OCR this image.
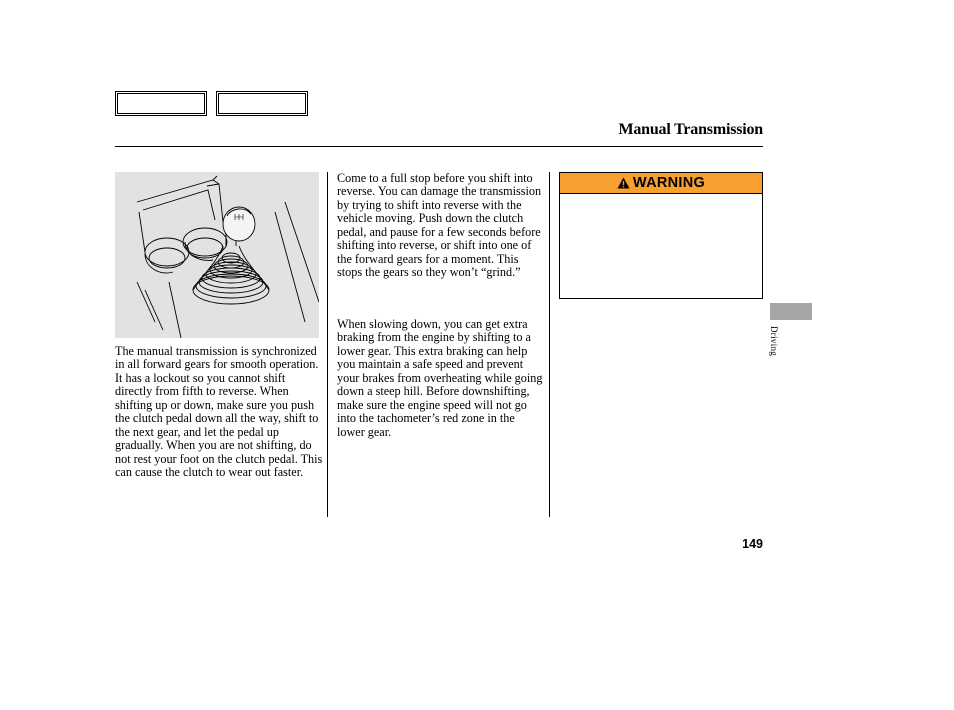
Manual Transmission
The manual transmission is synchronized in all forward gears for smooth operation. It has a lockout so you cannot shift directly from fifth to reverse. When shifting up or down, make sure you push the clutch pedal down all the way, shift to the next gear, and let the pedal up gradually. When you are not shifting, do not rest your foot on the clutch pedal. This can cause the clutch to wear out faster.
Come to a full stop before you shift into reverse. You can damage the transmission by trying to shift into reverse with the vehicle moving. Push down the clutch pedal, and pause for a few seconds before shifting into reverse, or shift into one of the forward gears for a moment. This stops the gears so they won’t “grind.”
When slowing down, you can get extra braking from the engine by shifting to a lower gear. This extra braking can help you maintain a safe speed and prevent your brakes from overheating while going down a steep hill. Before downshifting, make sure the engine speed will not go into the tachometer’s red zone in the lower gear.
WARNING
Driving
149
